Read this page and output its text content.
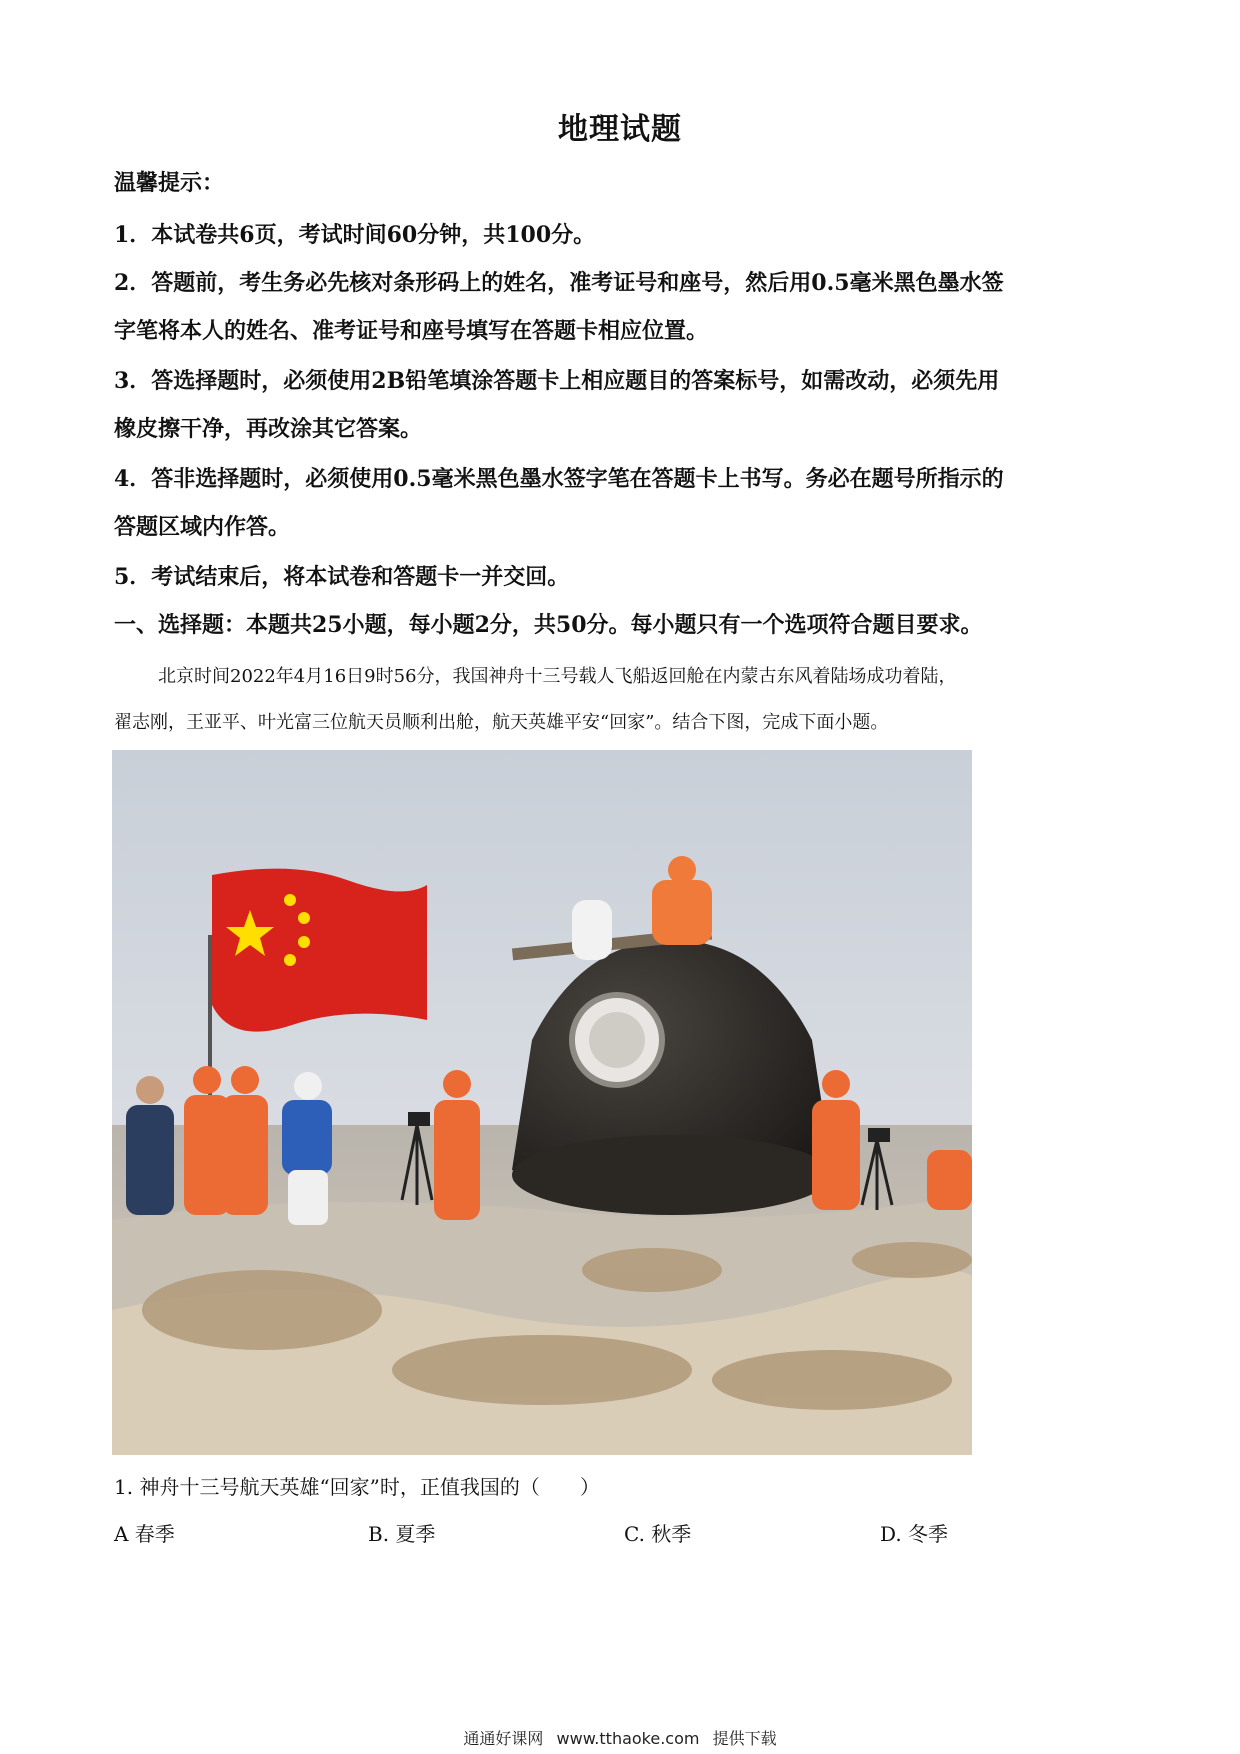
地理试题
温馨提示：
1．本试卷共6页，考试时间60分钟，共100分。
2．答题前，考生务必先核对条形码上的姓名，准考证号和座号，然后用0.5毫米黑色墨水签
字笔将本人的姓名、准考证号和座号填写在答题卡相应位置。
3．答选择题时，必须使用2B铅笔填涂答题卡上相应题目的答案标号，如需改动，必须先用
橡皮擦干净，再改涂其它答案。
4．答非选择题时，必须使用0.5毫米黑色墨水签字笔在答题卡上书写。务必在题号所指示的
答题区域内作答。
5．考试结束后，将本试卷和答题卡一并交回。
一、选择题：本题共25小题，每小题2分，共50分。每小题只有一个选项符合题目要求。
北京时间2022年4月16日9时56分，我国神舟十三号载人飞船返回舱在内蒙古东风着陆场成功着陆，
翟志刚，王亚平、叶光富三位航天员顺利出舱，航天英雄平安“回家”。结合下图，完成下面小题。
1. 神舟十三号航天英雄“回家”时，正值我国的（　　）
A 春季	B. 夏季	C. 秋季	D. 冬季
通通好课网 www.tthaoke.com 提供下载
